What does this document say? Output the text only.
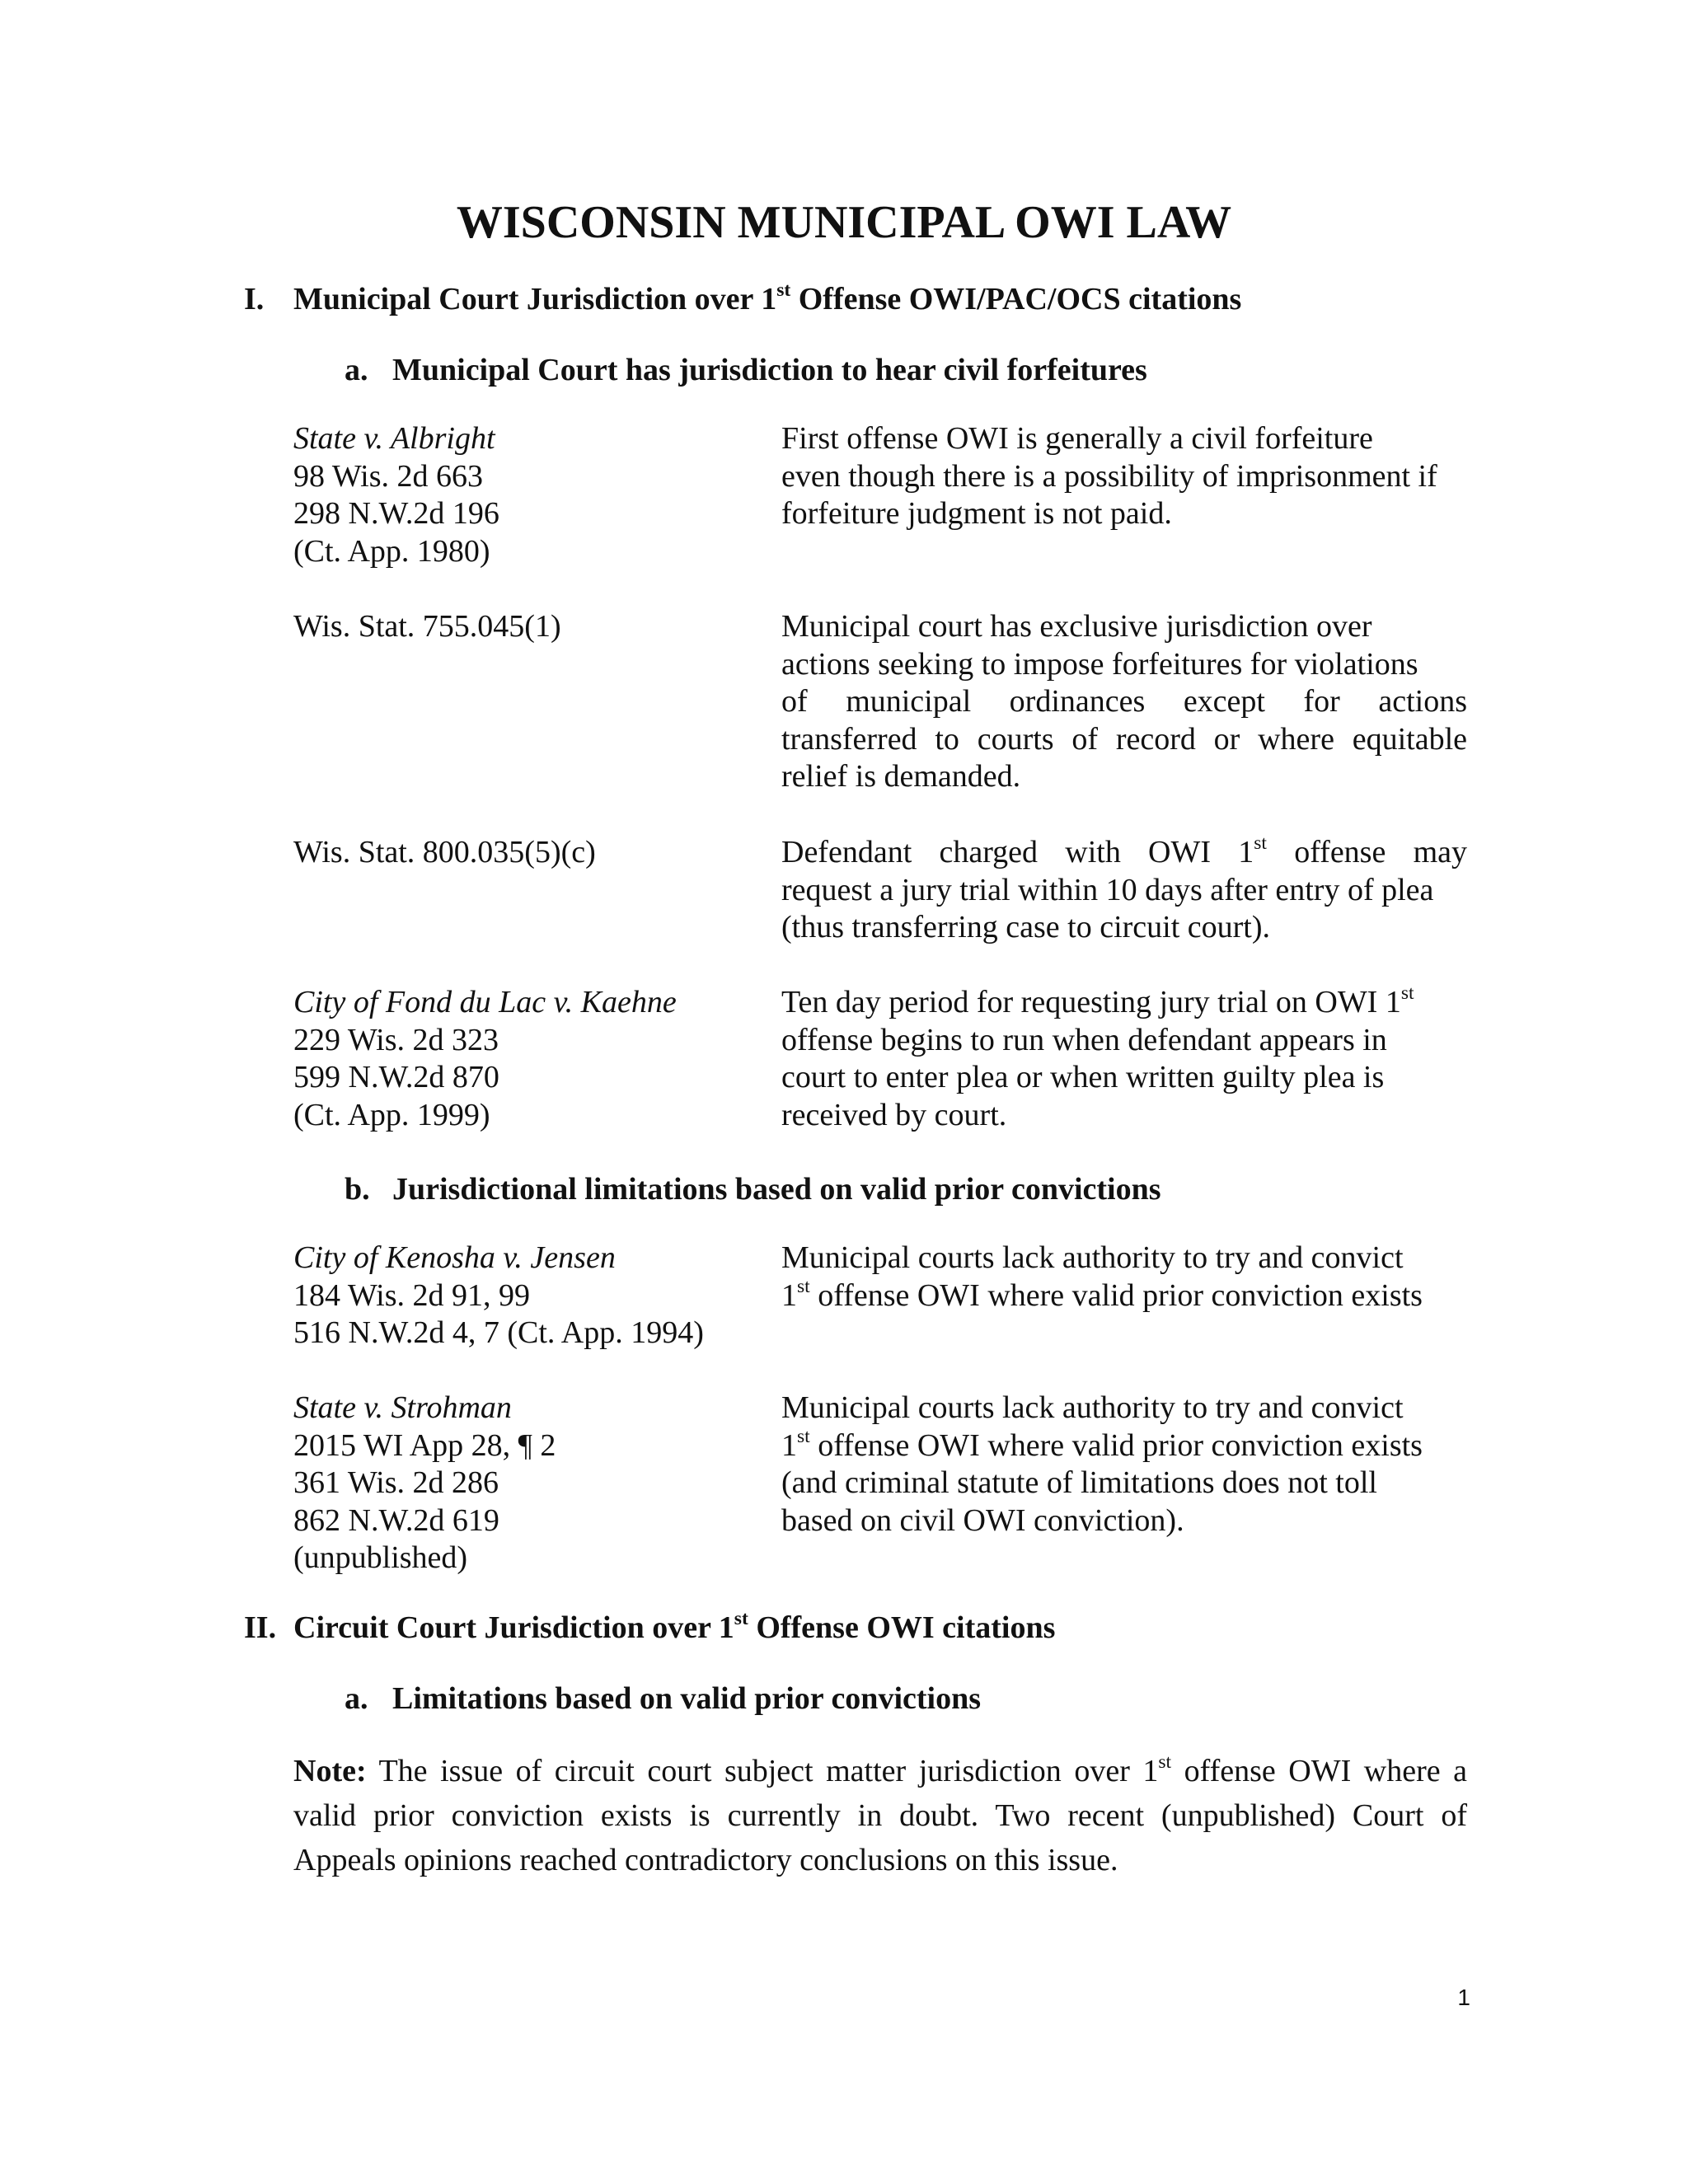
WISCONSIN MUNICIPAL OWI LAW
I. Municipal Court Jurisdiction over 1st Offense OWI/PAC/OCS citations
a. Municipal Court has jurisdiction to hear civil forfeitures
State v. Albright
98 Wis. 2d 663
298 N.W.2d 196
(Ct. App. 1980)
First offense OWI is generally a civil forfeiture
even though there is a possibility of imprisonment if
forfeiture judgment is not paid.
Wis. Stat. 755.045(1)	Municipal court has exclusive jurisdiction over
actions seeking to impose forfeitures for violations
of municipal ordinances except for actions
transferred to courts of record or where equitable
relief is demanded.
Wis. Stat. 800.035(5)(c)	Defendant charged with OWI 1st offense may
request a jury trial within 10 days after entry of plea
(thus transferring case to circuit court).
City of Fond du Lac v. Kaehne
229 Wis. 2d 323
599 N.W.2d 870
(Ct. App. 1999)
Ten day period for requesting jury trial on OWI 1st
offense begins to run when defendant appears in
court to enter plea or when written guilty plea is
received by court.
b. Jurisdictional limitations based on valid prior convictions
City of Kenosha v. Jensen
184 Wis. 2d 91, 99
516 N.W.2d 4, 7 (Ct. App. 1994)
Municipal courts lack authority to try and convict
1st offense OWI where valid prior conviction exists
State v. Strohman
2015 WI App 28, ¶ 2
361 Wis. 2d 286
862 N.W.2d 619
(unpublished)
Municipal courts lack authority to try and convict
1st offense OWI where valid prior conviction exists
(and criminal statute of limitations does not toll
based on civil OWI conviction).
II. Circuit Court Jurisdiction over 1st Offense OWI citations
a. Limitations based on valid prior convictions
Note: The issue of circuit court subject matter jurisdiction over 1st offense OWI where a
valid prior conviction exists is currently in doubt. Two recent (unpublished) Court of
Appeals opinions reached contradictory conclusions on this issue.
1
